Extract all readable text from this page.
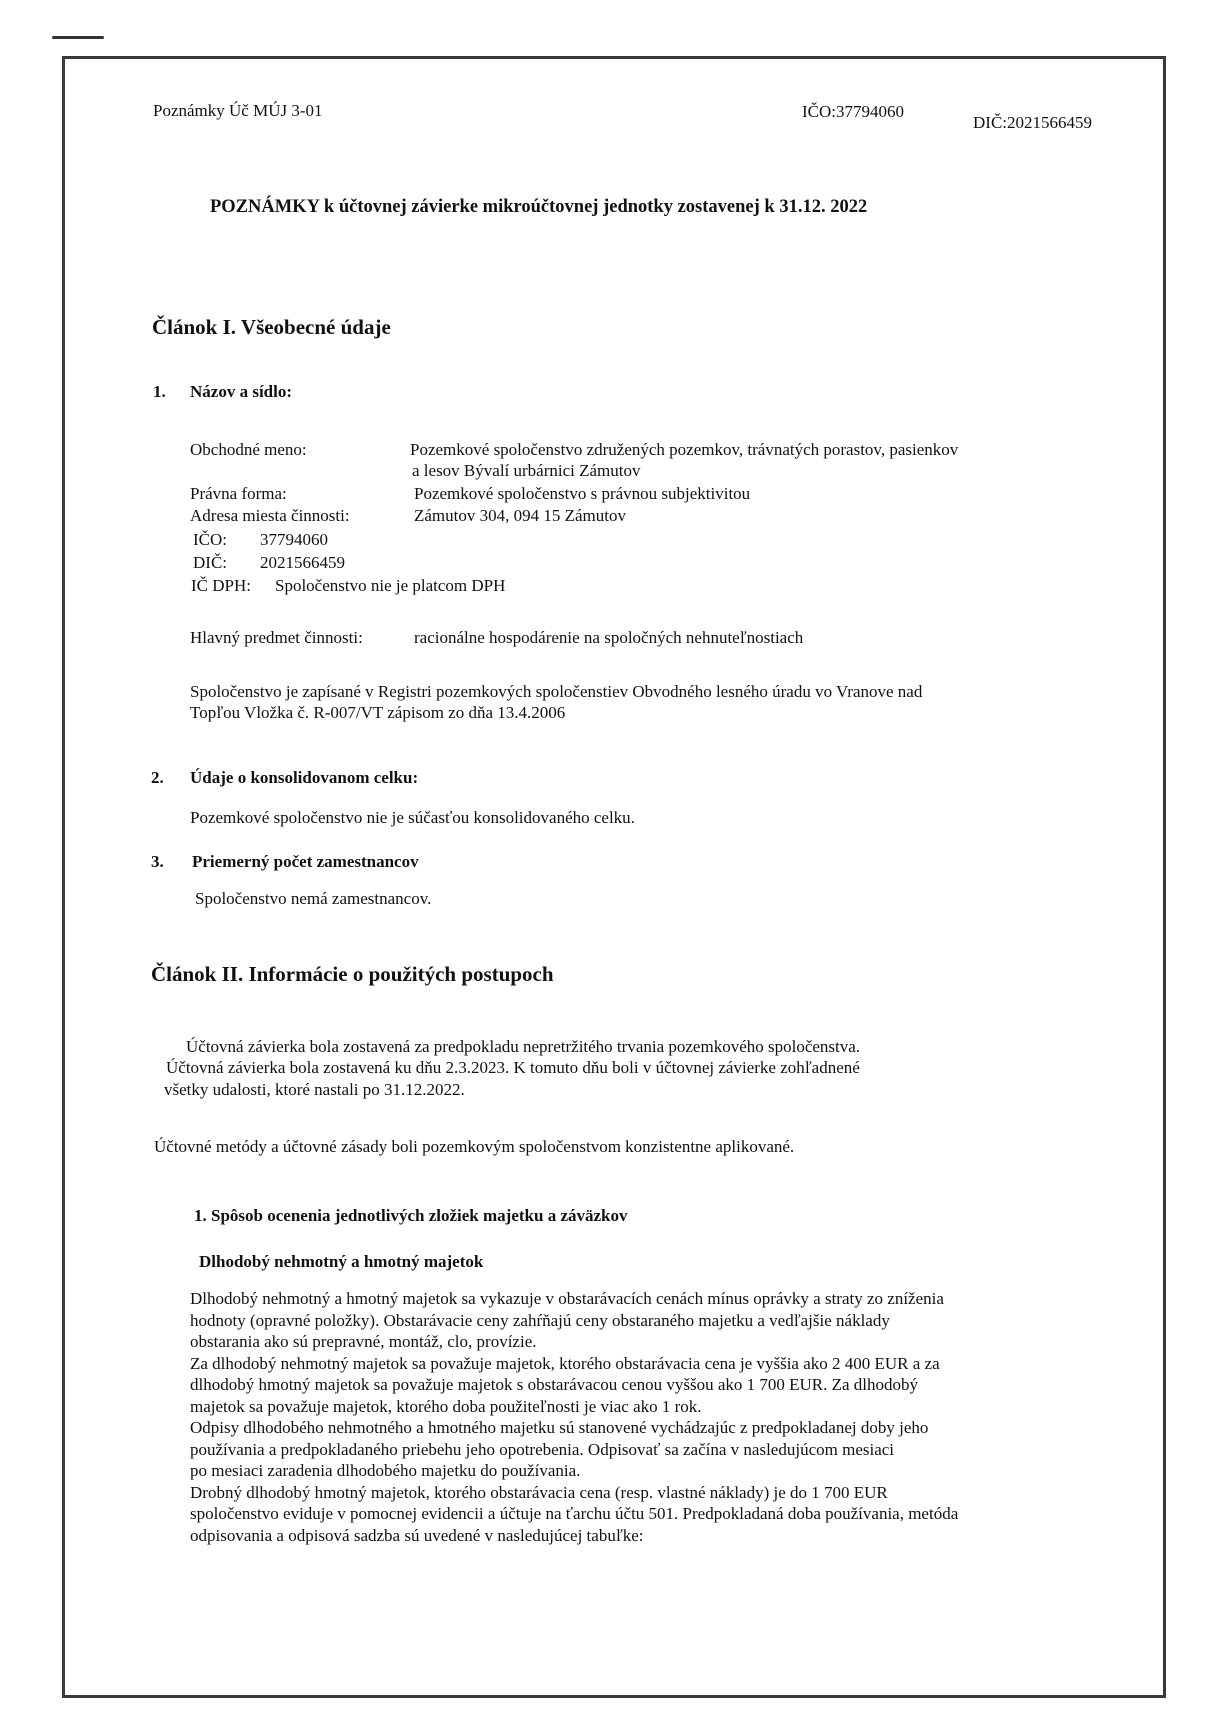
Poznámky Úč MÚJ 3-01	IČO:37794060
DIČ:2021566459
POZNÁMKY k účtovnej závierke mikroúčtovnej jednotky zostavenej k 31.12. 2022
Článok I. Všeobecné údaje
1. Názov a sídlo:
Obchodné meno:	Pozemkové spoločenstvo združených pozemkov, trávnatých porastov, pasienkov
a lesov Bývalí urbárnici Zámutov
Právna forma:	Pozemkové spoločenstvo s právnou subjektivitou
Adresa miesta činnosti:	Zámutov 304, 094 15 Zámutov
IČO: 37794060
DIČ: 2021566459
IČ DPH: Spoločenstvo nie je platcom DPH
Hlavný predmet činnosti:	racionálne hospodárenie na spoločných nehnuteľnostiach
Spoločenstvo je zapísané v Registri pozemkových spoločenstiev Obvodného lesného úradu vo Vranove nad
Topľou Vložka č. R-007/VT zápisom zo dňa 13.4.2006
2. Údaje o konsolidovanom celku:
Pozemkové spoločenstvo nie je súčasťou konsolidovaného celku.
3. Priemerný počet zamestnancov
Spoločenstvo nemá zamestnancov.
Článok II. Informácie o použitých postupoch
Účtovná závierka bola zostavená za predpokladu nepretržitého trvania pozemkového spoločenstva.
Účtovná závierka bola zostavená ku dňu 2.3.2023. K tomuto dňu boli v účtovnej závierke zohľadnené
všetky udalosti, ktoré nastali po 31.12.2022.
Účtovné metódy a účtovné zásady boli pozemkovým spoločenstvom konzistentne aplikované.
1. Spôsob ocenenia jednotlivých zložiek majetku a záväzkov
Dlhodobý nehmotný a hmotný majetok
Dlhodobý nehmotný a hmotný majetok sa vykazuje v obstarávacích cenách mínus oprávky a straty zo zníženia
hodnoty (opravné položky). Obstarávacie ceny zahŕňajú ceny obstaraného majetku a vedľajšie náklady
obstarania ako sú prepravné, montáž, clo, provízie.
Za dlhodobý nehmotný majetok sa považuje majetok, ktorého obstarávacia cena je vyššia ako 2 400 EUR a za
dlhodobý hmotný majetok sa považuje majetok s obstarávacou cenou vyššou ako 1 700 EUR. Za dlhodobý
majetok sa považuje majetok, ktorého doba použiteľnosti je viac ako 1 rok.
Odpisy dlhodobého nehmotného a hmotného majetku sú stanovené vychádzajúc z predpokladanej doby jeho
používania a predpokladaného priebehu jeho opotrebenia. Odpisovať sa začína v nasledujúcom mesiaci
po mesiaci zaradenia dlhodobého majetku do používania.
Drobný dlhodobý hmotný majetok, ktorého obstarávacia cena (resp. vlastné náklady) je do 1 700 EUR
spoločenstvo eviduje v pomocnej evidencii a účtuje na ťarchu účtu 501. Predpokladaná doba používania, metóda
odpisovania a odpisová sadzba sú uvedené v nasledujúcej tabuľke:
